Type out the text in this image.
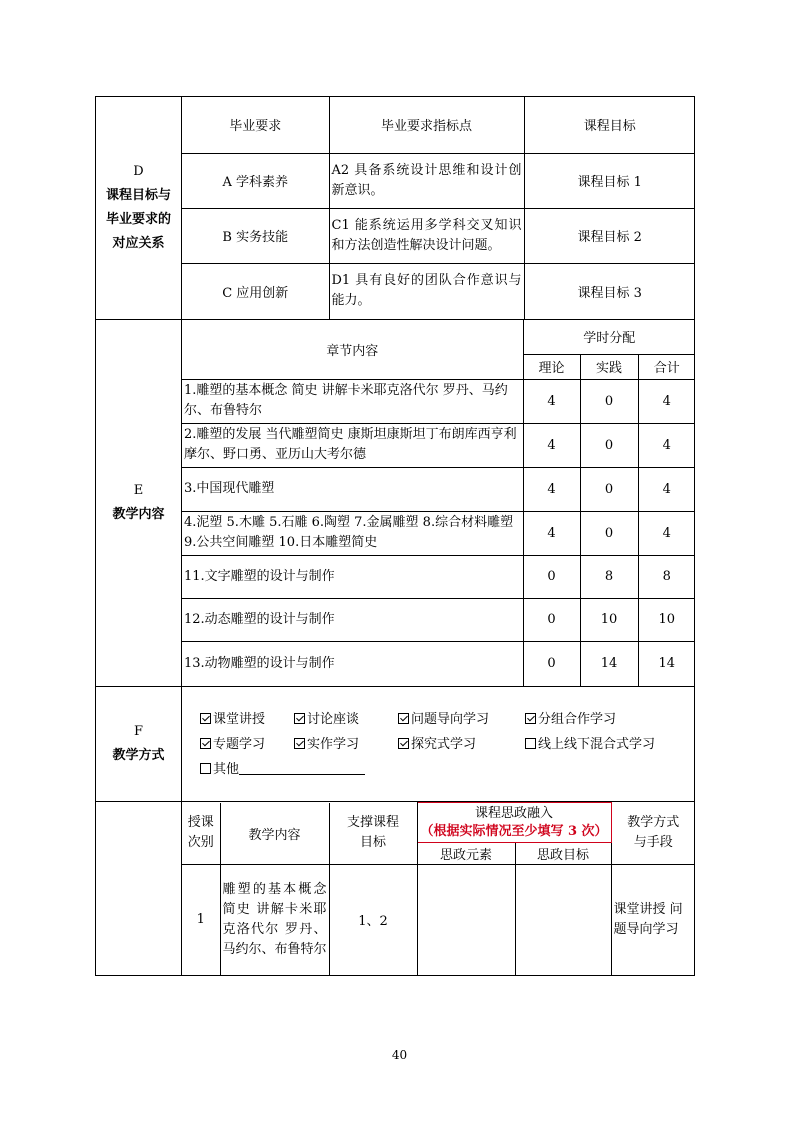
D
课程目标与毕业要求的对应关系	
毕业要求	毕业要求指标点	课程目标
A 学科素养	A2 具备系统设计思维和设计创新意识。	课程目标 1
B 实务技能	C1 能系统运用多学科交叉知识和方法创造性解决设计问题。	课程目标 2
C 应用创新	D1 具有良好的团队合作意识与能力。	课程目标 3

E
教学内容	
章节内容	学时分配
理论	实践	合计
1.雕塑的基本概念 简史 讲解卡米耶克洛代尔 罗丹、马约尔、布鲁特尔	4	0	4
2.雕塑的发展 当代雕塑简史 康斯坦康斯坦丁布朗库西亨利摩尔、野口勇、亚历山大考尔德	4	0	4
3.中国现代雕塑	4	0	4
4.泥塑 5.木雕 5.石雕 6.陶塑 7.金属雕塑 8.综合材料雕塑 9.公共空间雕塑 10.日本雕塑简史	4	0	4
11.文字雕塑的设计与制作	0	8	8
12.动态雕塑的设计与制作	0	10	10
13.动物雕塑的设计与制作	0	14	14

F
教学方式	
课堂讲授	讨论座谈	问题导向学习	分组合作学习
专题学习	实作学习	探究式学习	线上线下混合式学习
其他

授课次别	教学内容	支撑课程目标	
课程思政融入
（根据实际情况至少填写 3 次）
	教学方式与手段
思政元素	思政目标
1	雕塑的基本概念 简史 讲解卡米耶克洛代尔 罗丹、马约尔、布鲁特尔	1、2			课堂讲授 问题导向学习
40
